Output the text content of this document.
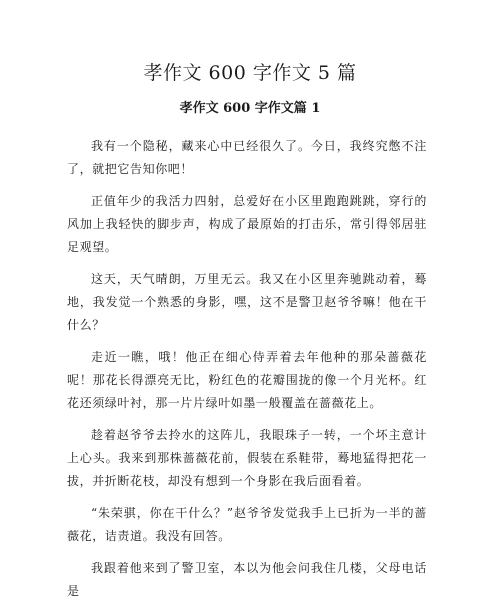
孝作文 600 字作文 5 篇
孝作文 600 字作文篇 1

我有一个隐秘，藏来心中已经很久了。今日，我终究憋不注了，就把它告知你吧！

正值年少的我活力四射，总爱好在小区里跑跑跳跳，穿行的风加上我轻快的脚步声，构成了最原始的打击乐，常引得邻居驻足观望。

这天，天气晴朗，万里无云。我又在小区里奔驰跳动着，蓦地，我发觉一个熟悉的身影，嘿，这不是警卫赵爷爷嘛！他在干什么？

走近一瞧，哦！他正在细心侍弄着去年他种的那朵蔷薇花呢！那花长得漂亮无比，粉红色的花瓣围拢的像一个月光杯。红花还须绿叶衬，那一片片绿叶如墨一般覆盖在蔷薇花上。

趁着赵爷爷去拎水的这阵儿，我眼珠子一转，一个坏主意计上心头。我来到那株蔷薇花前，假装在系鞋带，蓦地猛得把花一拔，并折断花枝，却没有想到一个身影在我后面看着。

“朱荣骐，你在干什么？”赵爷爷发觉我手上已折为一半的蔷薇花，诘责道。我没有回答。

我跟着他来到了警卫室，本以为他会问我住几楼，父母电话是
